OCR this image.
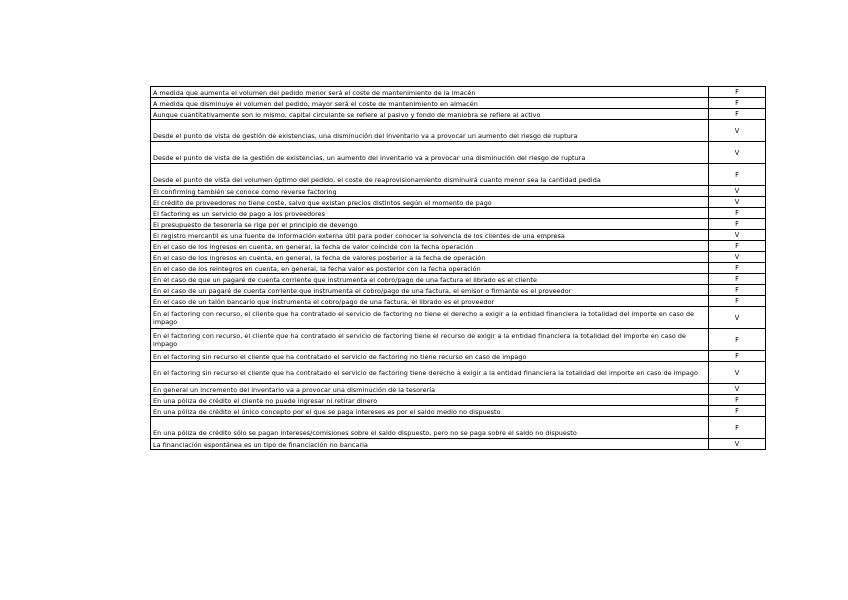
A medida que aumenta el volumen del pedido menor será el coste de mantenimiento de la lmacén	F
A medida que disminuye el volumen del pedido, mayor será el coste de mantenimiento en almacén	F
Aunque cuantitativamente son lo mismo, capital circulante se refiere al pasivo y fondo de maniobra se refiere al activo	F
Desde el punto de vista de gestión de existencias, una disminución del inventario va a provocar un aumento del riesgo de ruptura	V
Desde el punto de vista de la gestión de existencias, un aumento del inventario va a provocar una disminución del riesgo de ruptura	V
Desde el punto de vista del volumen óptimo del pedido, el coste de reaprovisionamiento disminuirá cuanto menor sea la cantidad pedida	F
El confirming también se conoce como reverse factoring	V
El crédito de proveedores no tiene coste, salvo que existan precios distintos según el momento de pago	V
El factoring es un servicio de pago a los proveedores	F
El presupuesto de tesorería se rige por el principio de devengo	F
El registro mercantil es una fuente de información externa útil para poder conocer la solvencia de los clientes de una empresa	V
En el caso de los ingresos en cuenta, en general, la fecha de valor coincide con la fecha operación	F
En el caso de los ingresos en cuenta, en general, la fecha de valores posterior a la fecha de operación	V
En el caso de los reintegros en cuenta, en general, la fecha valor es posterior con la fecha operación	F
En el caso de que un pagaré de cuenta corriente que instrumenta el cobro/pago de una factura el librado es el cliente	F
En el caso de un pagaré de cuenta corriente que instrumenta el cobro/pago de una factura, el emisor o firmante es el proveedor	F
En el caso de un talón bancario que instrumenta el cobro/pago de una factura, el librado es el proveedor	F
En el factoring con recurso, el cliente que ha contratado el servicio de factoring no tiene el derecho a exigir a la entidad financiera la totalidad del importe en caso de impago	V
En el factoring con recurso, el cliente que ha contratado el servicio de factoring tiene el recurso de exigir a la entidad financiera la totalidad del importe en caso de impago	F
En el factoring sin recurso el cliente que ha contratado el servicio de factoring no tiene recurso en caso de impago	F
En el factoring sin recurso el cliente que ha contratado el servicio de factoring tiene derecho a exigir a la entidad financiera la totalidad del importe en caso de impago	V
En general un incremento del inventario va a provocar una disminución de la tesorería	V
En una póliza de crédito el cliente no puede ingresar ni retirar dinero	F
En una póliza de crédito el único concepto por el que se paga intereses es por el saldo medio no dispuesto	F
En una póliza de crédito sólo se pagan intereses/comisiones sobre el saldo dispuesto, pero no se paga sobre el saldo no dispuesto	F
La financiación espontánea es un tipo de financiación no bancaria	V
